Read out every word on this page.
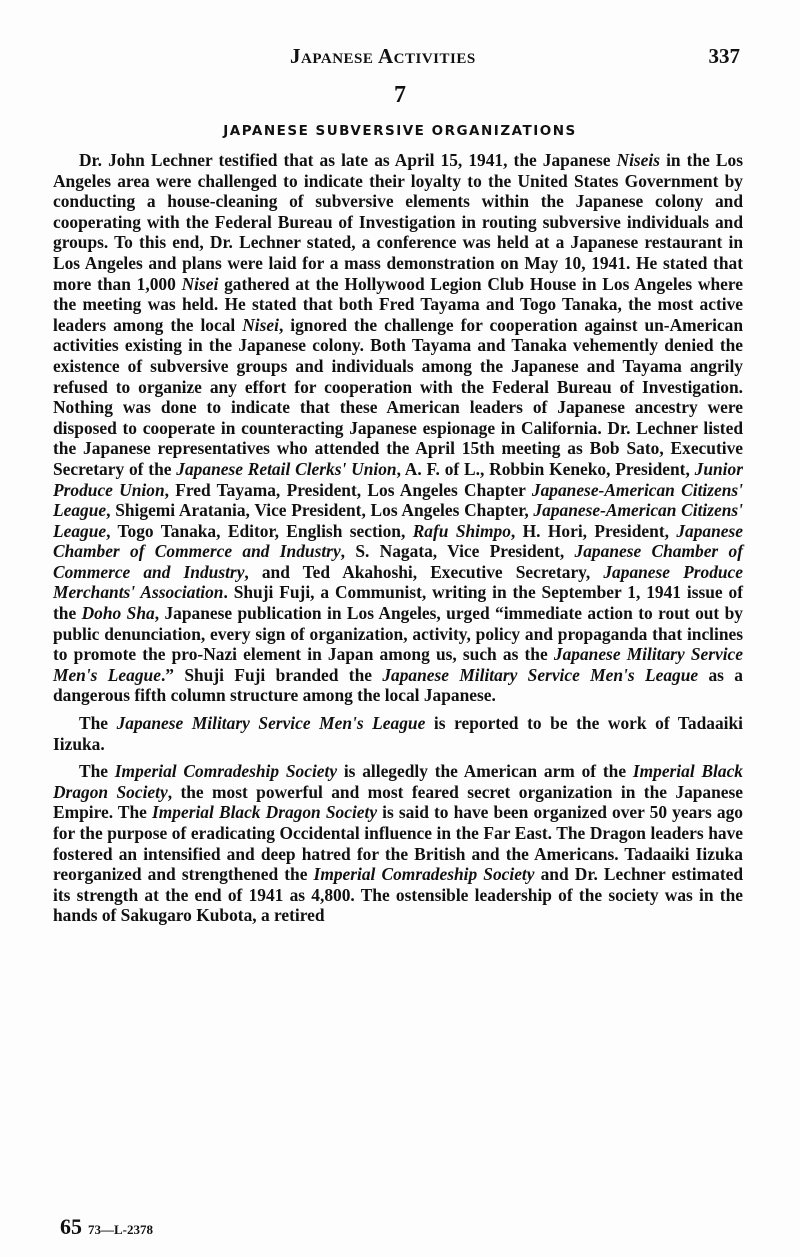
Japanese Activities	337
7
JAPANESE SUBVERSIVE ORGANIZATIONS

Dr. John Lechner testified that as late as April 15, 1941, the Japanese Niseis in the Los Angeles area were challenged to indicate their loyalty to the United States Government by conducting a house-cleaning of subversive elements within the Japanese colony and cooperating with the Federal Bureau of Investigation in routing subversive individuals and groups. To this end, Dr. Lechner stated, a conference was held at a Japanese restaurant in Los Angeles and plans were laid for a mass demonstration on May 10, 1941. He stated that more than 1,000 Nisei gathered at the Hollywood Legion Club House in Los Angeles where the meeting was held. He stated that both Fred Tayama and Togo Tanaka, the most active leaders among the local Nisei, ignored the challenge for cooperation against un-American activities existing in the Japanese colony. Both Tayama and Tanaka vehemently denied the existence of subversive groups and individuals among the Japanese and Tayama angrily refused to organize any effort for cooperation with the Federal Bureau of Investigation. Nothing was done to indicate that these American leaders of Japanese ancestry were disposed to cooperate in counteracting Japanese espionage in California. Dr. Lechner listed the Japanese representatives who attended the April 15th meeting as Bob Sato, Executive Secretary of the Japanese Retail Clerks' Union, A. F. of L., Robbin Keneko, President, Junior Produce Union, Fred Tayama, President, Los Angeles Chapter Japanese-American Citizens' League, Shigemi Aratania, Vice President, Los Angeles Chapter, Japanese-American Citizens' League, Togo Tanaka, Editor, English section, Rafu Shimpo, H. Hori, President, Japanese Chamber of Commerce and Industry, S. Nagata, Vice President, Japanese Chamber of Commerce and Industry, and Ted Akahoshi, Executive Secretary, Japanese Produce Merchants' Association. Shuji Fuji, a Communist, writing in the September 1, 1941 issue of the Doho Sha, Japanese publication in Los Angeles, urged “immediate action to rout out by public denunciation, every sign of organization, activity, policy and propaganda that inclines to promote the pro-Nazi element in Japan among us, such as the Japanese Military Service Men's League.” Shuji Fuji branded the Japanese Military Service Men's League as a dangerous fifth column structure among the local Japanese.

The Japanese Military Service Men's League is reported to be the work of Tadaaiki Iizuka.

The Imperial Comradeship Society is allegedly the American arm of the Imperial Black Dragon Society, the most powerful and most feared secret organization in the Japanese Empire. The Imperial Black Dragon Society is said to have been organized over 50 years ago for the purpose of eradicating Occidental influence in the Far East. The Dragon leaders have fostered an intensified and deep hatred for the British and the Americans. Tadaaiki Iizuka reorganized and strengthened the Imperial Comradeship Society and Dr. Lechner estimated its strength at the end of 1941 as 4,800. The ostensible leadership of the society was in the hands of Sakugaro Kubota, a retired

65 73—L-2378
